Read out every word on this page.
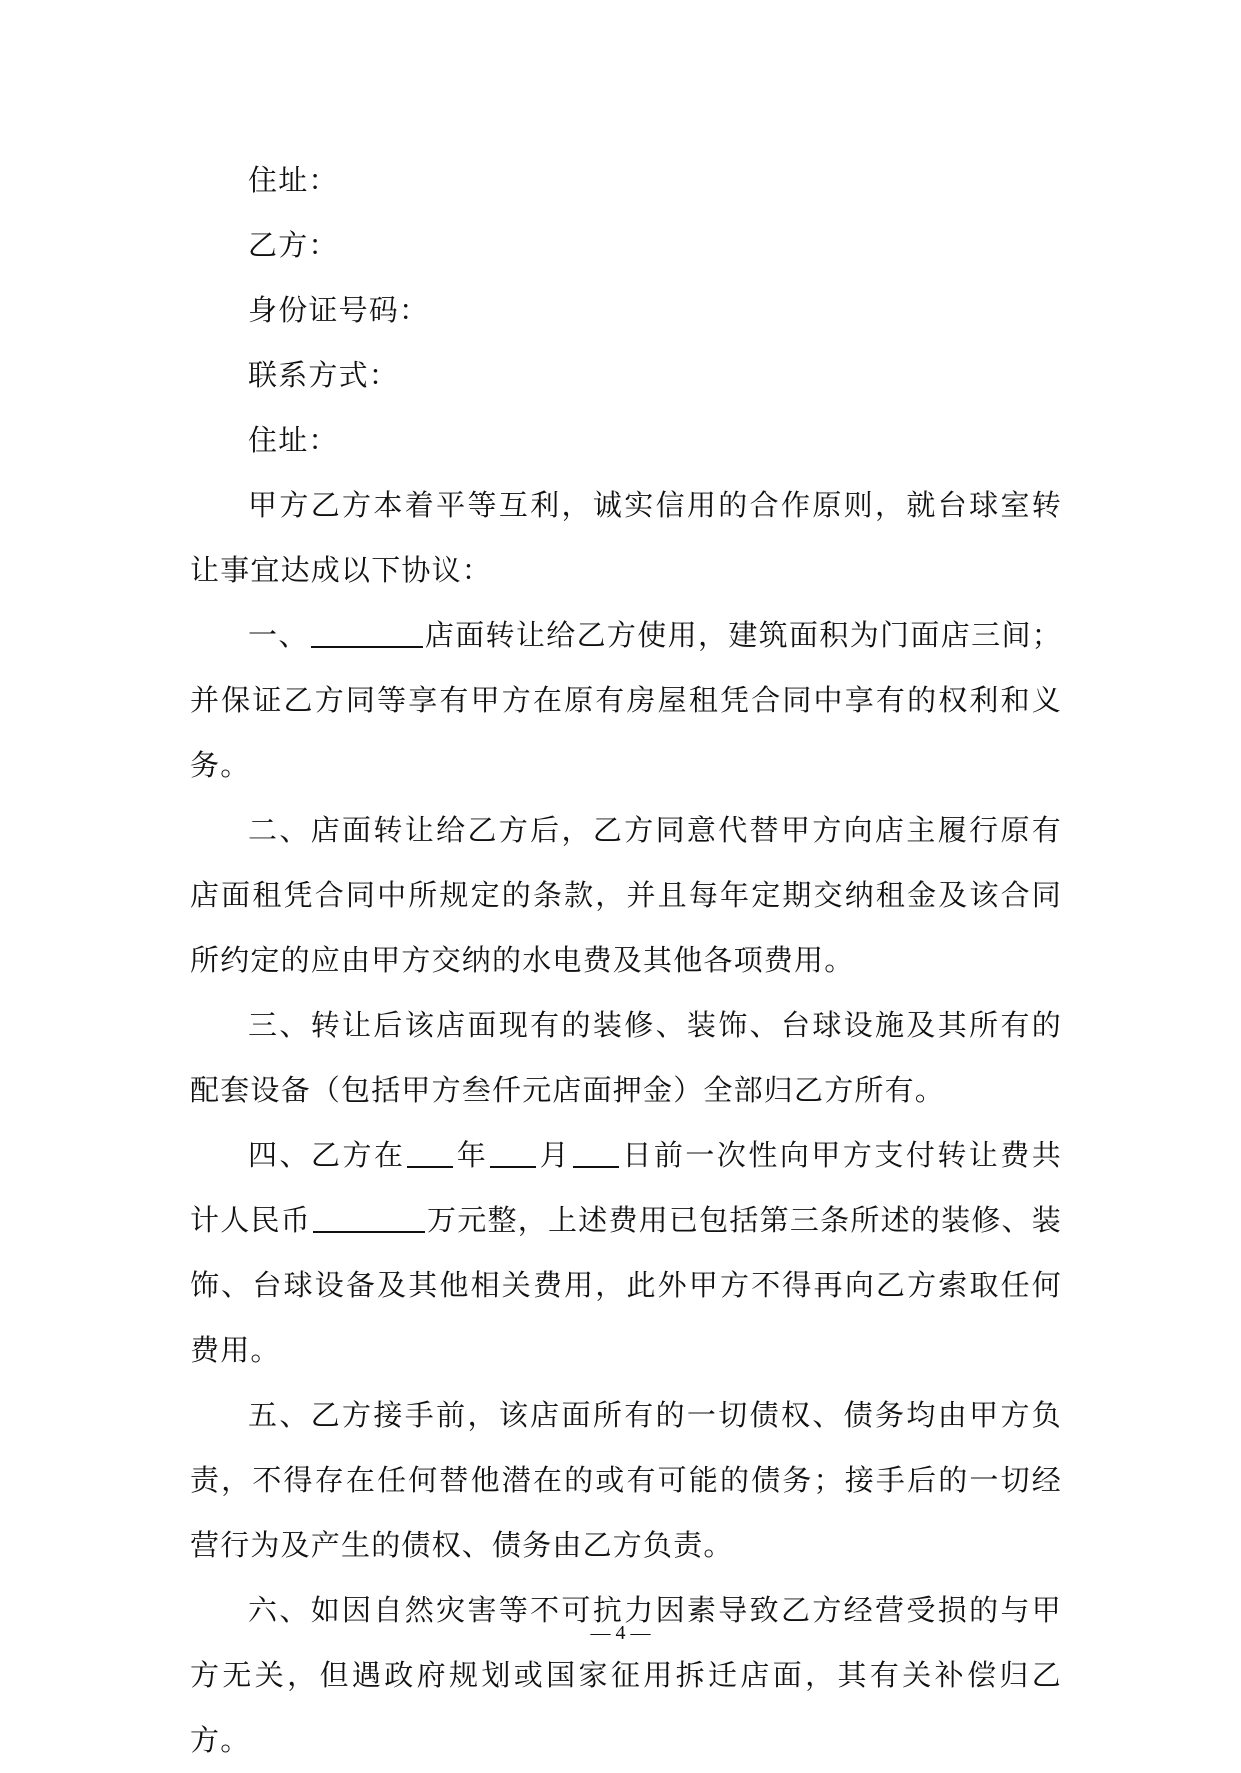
住址：

乙方：

身份证号码：

联系方式：

住址：

甲方乙方本着平等互利，诚实信用的合作原则，就台球室转让事宜达成以下协议：

一、	店面转让给乙方使用，建筑面积为门面店三间；并保证乙方同等享有甲方在原有房屋租凭合同中享有的权利和义务。

二、店面转让给乙方后，乙方同意代替甲方向店主履行原有店面租凭合同中所规定的条款，并且每年定期交纳租金及该合同所约定的应由甲方交纳的水电费及其他各项费用。

三、转让后该店面现有的装修、装饰、台球设施及其所有的配套设备（包括甲方叁仟元店面押金）全部归乙方所有。

四、乙方在 年 月 日前一次性向甲方支付转让费共计人民币	万元整，上述费用已包括第三条所述的装修、装饰、台球设备及其他相关费用，此外甲方不得再向乙方索取任何费用。

五、乙方接手前，该店面所有的一切债权、债务均由甲方负责，不得存在任何替他潜在的或有可能的债务；接手后的一切经营行为及产生的债权、债务由乙方负责。

六、如因自然灾害等不可抗力因素导致乙方经营受损的与甲方无关，但遇政府规划或国家征用拆迁店面，其有关补偿归乙方。

— 4 —
